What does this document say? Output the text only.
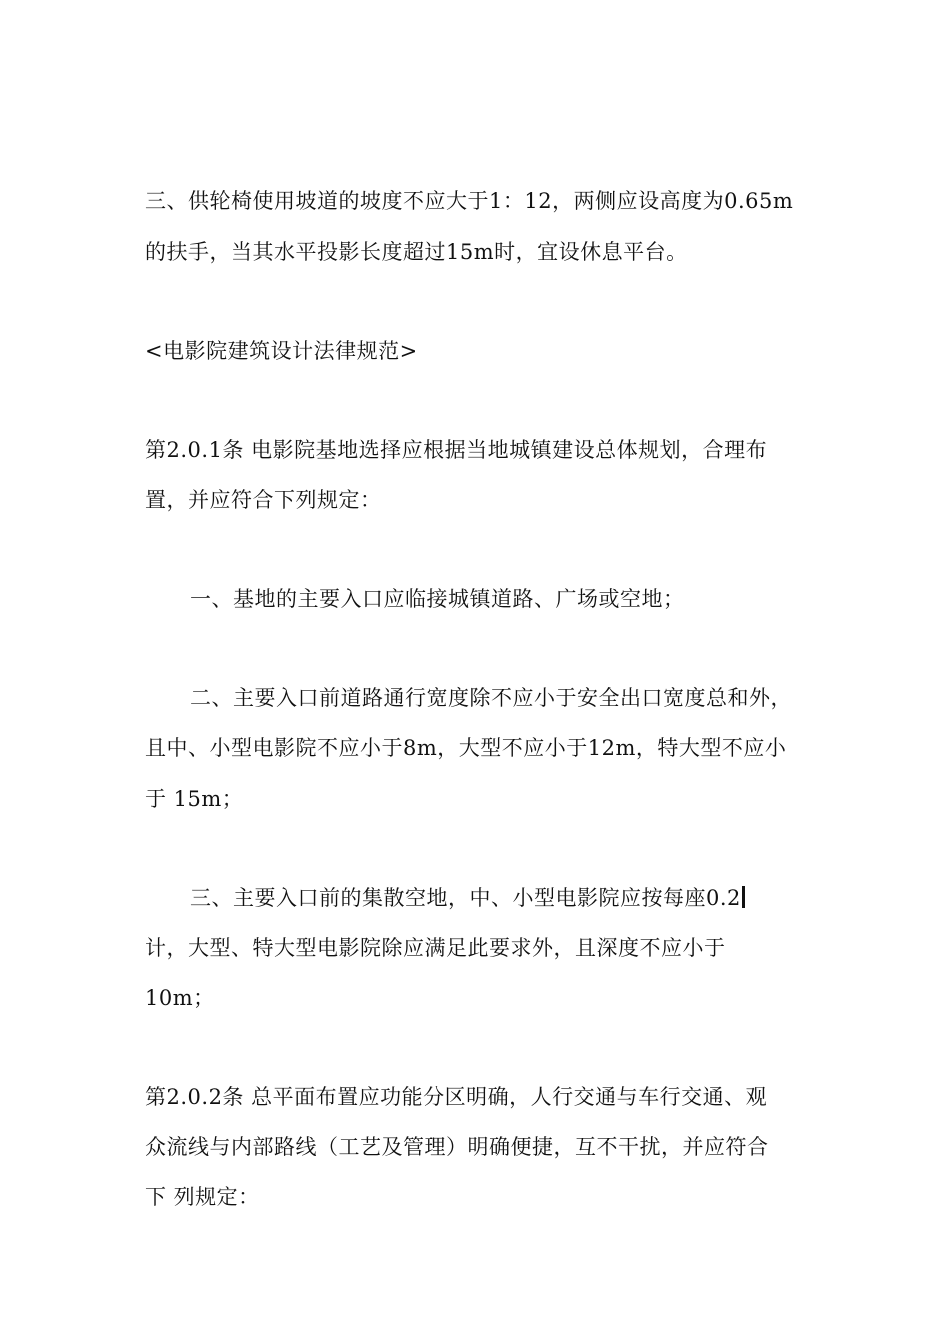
三、供轮椅使用坡道的坡度不应大于1：12，两侧应设高度为0.65m
的扶手，当其水平投影长度超过15m时，宜设休息平台。
<电影院建筑设计法律规范>
第2.0.1条 电影院基地选择应根据当地城镇建设总体规划，合理布
置，并应符合下列规定：
一、基地的主要入口应临接城镇道路、广场或空地；
二、主要入口前道路通行宽度除不应小于安全出口宽度总和外，
且中、小型电影院不应小于8m，大型不应小于12m，特大型不应小
于 15m；
三、主要入口前的集散空地，中、小型电影院应按每座0.2
计，大型、特大型电影院除应满足此要求外，且深度不应小于
10m；
第2.0.2条 总平面布置应功能分区明确，人行交通与车行交通、观
众流线与内部路线（工艺及管理）明确便捷，互不干扰，并应符合
下 列规定：
